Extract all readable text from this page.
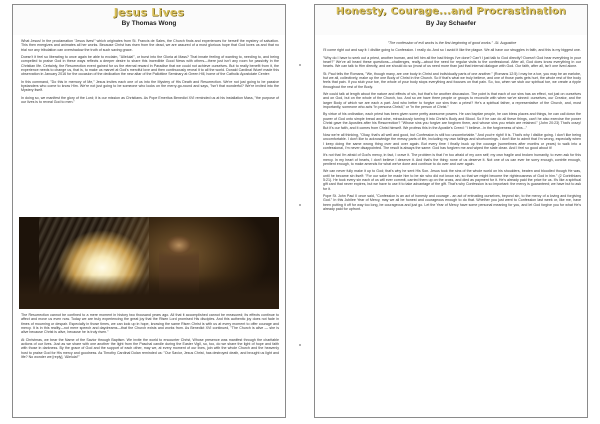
Jesus Lives
By Thomas Wong

What Jesus! In the proclamation "Jesus lives!" which originates from St. Francis de Sales, the Church finds and experiences for herself the mystery of salvation. This then energizes and animates all her works. Because Christ has risen from the dead, we are assured of a most glorious hope that God loves us and that no trial nor any tribulation can overshadow the truth of such saving grace.

Doesn't it feel so liberating to once again be able to exclaim, "Alleluia!", or burst into the Gloria at Mass? That innate feeling of wanting to, needing to, and being compelled to praise God in these ways reflects a deeper desire to share this incredible Good News with others—there just isn't any room for passivity in the Christian life. Certainly, the Resurrection event gained for us the eternal reward in Paradise that we could not achieve ourselves. But to really benefit from it, the experience needs to change us, that is, to make us marvel at God's merciful love and then continuously reveal it to all the world. Donald Cardinal Wuerl made this observation in January 2016 for the occasion of the dedication the new altar of the Pallottine Seminary at Green Hill, home of the Catholic Apostolate Center:

In this command, "Do this in memory of Me," Jesus invites each one of us into the Mystery of His Death and Resurrection. We're not just going to be passive bystanders who come to know Him. We're not just going to be someone who looks on the merry-go-round and says, "Isn't that wonderful? We're invited into the Mystery itself.

In doing so, we manifest the glory of the Lord; it is our mission as Christians. As Pope Emeritus Benedict XVI reminded us at his installation Mass, "the purpose of our lives is to reveal God to men."

The Resurrection cannot be confined to a mere moment in history two thousand years ago. All that it accomplished cannot be measured; its effects continue to affect and move us even now. Today we are truly experiencing the great joy that the Risen Lord promised His disciples. And this authentic joy does not fade in times of mourning or despair. Especially in those times, we can look up in hope, knowing the same Risen Christ is with us at every moment to offer courage and mercy. It is in this reality—not mere speech and daydreams—that the Church exists and works from. As Benedict XVI continued, "The Church is alive — she is alive because Christ is alive, because he is truly risen."

At Christmas, we bear the Name of the Savior through Baptism. We invite the world to encounter Christ, Whose presence was manifest through the charitable actions of our lives. Just as we share with one another the light from the Paschal candle during the Easter Vigil, so, too, do we share the light of hope and faith with those in darkness. By the grace of God and the support of each other, may we, at every moment of our lives, join with the whole Church and the heavenly host to praise God for His mercy and goodness. As Timothy Cardinal Dolan reminded us: "Our Savior, Jesus Christ, has destroyed death, and brought us light and life? No wonder we [reply], 'Alleluia!'"

Honesty, Courage...and Procrastination
By Jay Schaefer

"The confession of evil works is the first beginning of good works." -St. Augustine

I'll come right out and say it: I dislike going to Confession. I really do. And so I avoid it like the plague. We all have our struggles in faith, and this is my biggest one.

"Why do I have to seek out a priest, another human, and tell him all the bad things I've done? Can't I just talk to God directly? Doesn't God hear everything in your heart?" We've all heard these questions—challenges, really—about the need for regular visits to the confessional. After all, God does know everything in our hearts. We can talk to Him directly, and we should do so (most of us need more than just that internal dialogue with God. Our faith, after all, isn't one lived alone.

St. Paul tells the Romans, "We, though many, are one body in Christ and individually parts of one another." (Romans 12:5) I may be a toe, you may be an earlobe, but we all, collectively, make up the one Body of Christ in the Church. So if that's what we truly believe, and one of those parts gets hurt, the whole rest of the body feels that pain. If you stub your toe, the whole of your body stops everything and focuses on that pain. So, too, when we stub our spiritual toe, we create a ripple throughout the rest of the Body.

We could talk at length about the nature and effects of sin, but that's for another discussion. The point is that each of our sins has an effect, not just on ourselves and on God, but on the whole of the Church, too. And so we have three people or groups to reconcile with when we've sinned: ourselves, our Creator, and the larger Body of which we are each a part. And who better to forgive our sins than a priest? He's a spiritual father, a representative of the Church, and, most importantly, someone who acts "in persona Christi," or "in the person of Christ."

By virtue of his ordination, each priest has been given some pretty awesome powers. He can baptize people, he can bless places and things, he can call down the power of God onto simple bread and wine, miraculously turning it into Christ's Body and Blood. So if he can do all these things, can't he also exercise the power Christ gave the Apostles after his Resurrection? "Whose sins you forgive are forgiven them, and whose sins you retain are retained." (John 20:23) That's crazy! But it's our faith, and it comes from Christ himself. We profess this in the Apostle's Creed: "I believe...in the forgiveness of sins..."

Now we're all thinking, "Okay, that's all well and good, but Confession is still too uncomfortable." And you're right! It is. That's why I dislike going. I don't like being uncomfortable. I don't like to acknowledge the messy parts of life, including my own failings and shortcomings. I don't like to admit that I'm wrong, especially when I keep doing the same wrong thing over and over again. But every time I finally buck up the courage (sometimes after months or years) to walk into a confessional, I'm never disappointed. The result is always the same: God has forgiven me and wiped the slate clean. And I feel so good about it!

It's not that I'm afraid of God's mercy, in fact, I crave it. The problem is that I'm too afraid of my own self; my own fragile and broken humanity, to even ask for this mercy. In my heart of hearts, I don't believe I deserve it. And that's the thing: none of us deserve it. Not one of us can ever be sorry enough, contrite enough, penitent enough, to make amends for what we've done and continue to do over and over again.

We can never fully make it up to God; that's why he sent His Son. Jesus took the sins of the whole world on his shoulders, beaten and bloodied though He was, until he became sin itself: "For our sake he made him to be sin who did not know sin, so that we might become the righteousness of God in him." (2 Corinthians 5:21). He took every sin each of us will ever commit, carried them up on the cross, and died as payment for it. He's already paid the price for us. It's like a spiritual gift card that never expires, but we have to use it to take advantage of the gift. That's why Confession is so important: the mercy is guaranteed; we have but to ask for it.

Pope St. John Paul II once said, "Confession is an act of honesty and courage - an act of entrusting ourselves, beyond sin, to the mercy of a loving and forgiving God." In this Jubilee Year of Mercy, may we all be honest and courageous enough to do that. Whether you just went to Confession last week or, like me, have been putting it off for way too long, be courageous and just go. Let the Year of Mercy have some personal meaning for you, and let God forgive you for what He's already paid for upfront.
